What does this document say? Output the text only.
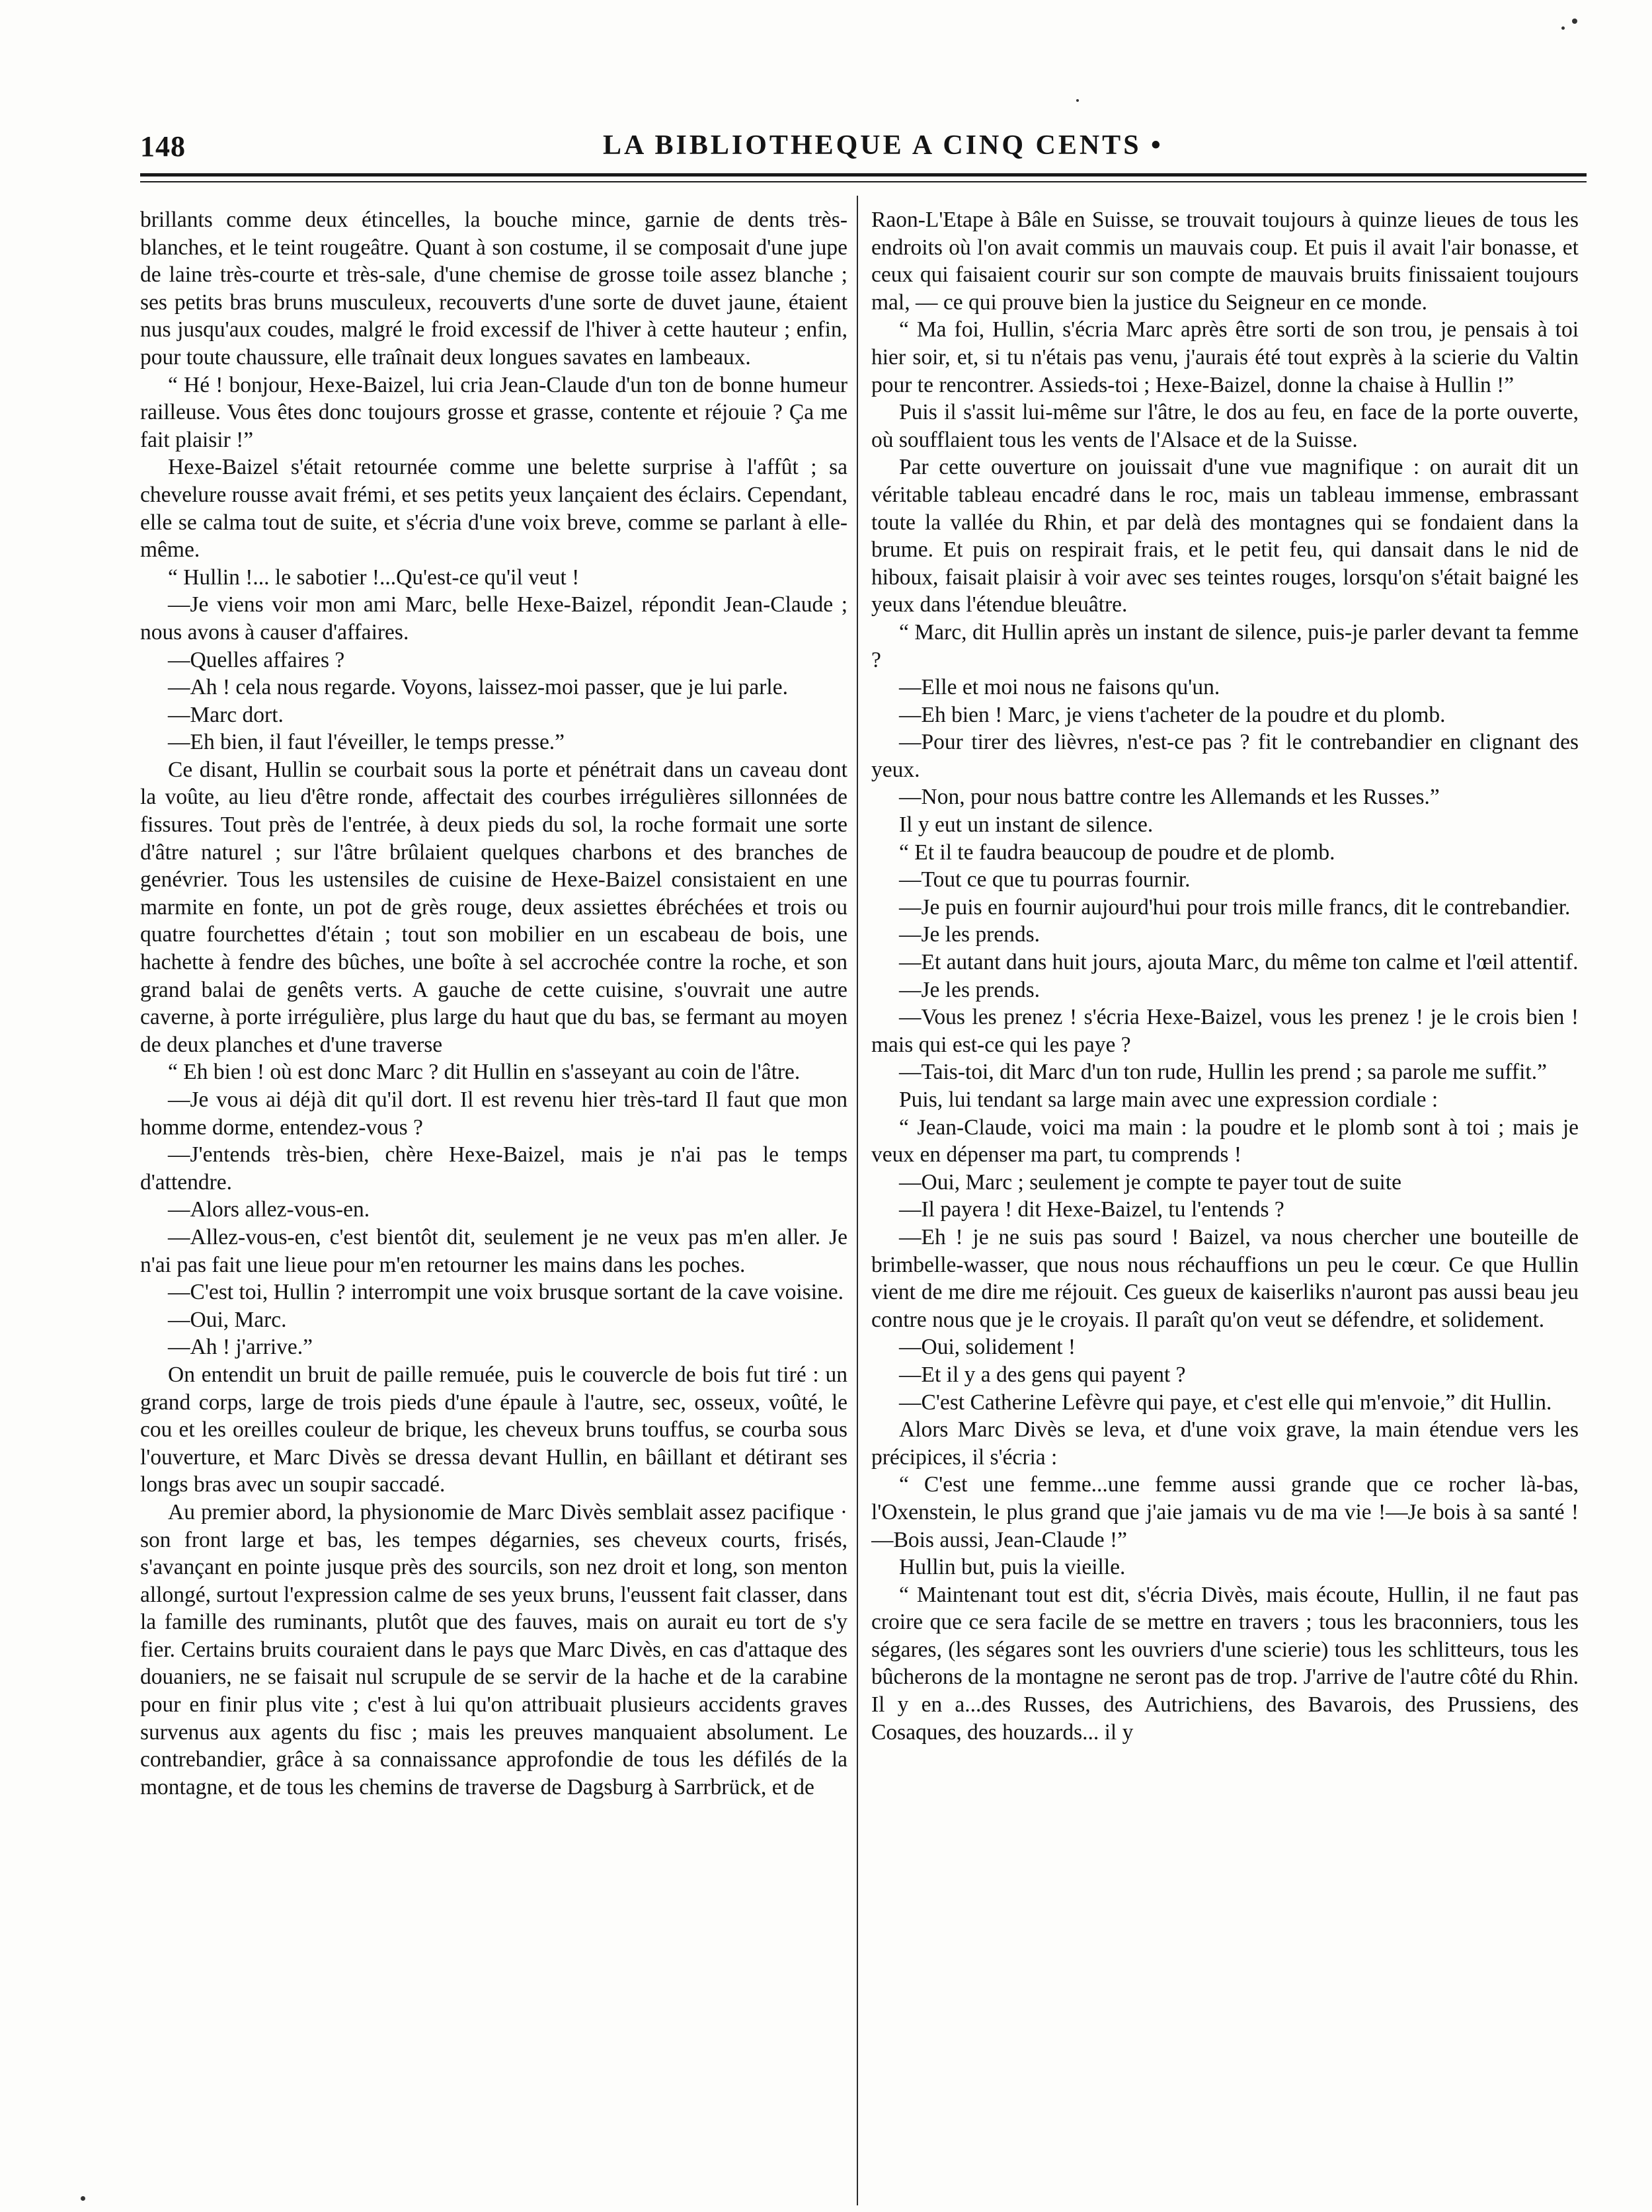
148	LA BIBLIOTHEQUE A CINQ CENTS •

brillants comme deux étincelles, la bouche mince, garnie de dents très-blanches, et le teint rougeâtre. Quant à son costume, il se composait d'une jupe de laine très-courte et très-sale, d'une chemise de grosse toile assez blanche ; ses petits bras bruns musculeux, recouverts d'une sorte de duvet jaune, étaient nus jusqu'aux coudes, malgré le froid excessif de l'hiver à cette hauteur ; enfin, pour toute chaussure, elle traînait deux longues savates en lambeaux.

“ Hé ! bonjour, Hexe-Baizel, lui cria Jean-Claude d'un ton de bonne humeur railleuse. Vous êtes donc toujours grosse et grasse, contente et réjouie ? Ça me fait plaisir !”

Hexe-Baizel s'était retournée comme une belette surprise à l'affût ; sa chevelure rousse avait frémi, et ses petits yeux lançaient des éclairs. Cependant, elle se calma tout de suite, et s'écria d'une voix breve, comme se parlant à elle-même.

“ Hullin !... le sabotier !...Qu'est-ce qu'il veut !

—Je viens voir mon ami Marc, belle Hexe-Baizel, répondit Jean-Claude ; nous avons à causer d'affaires.

—Quelles affaires ?

—Ah ! cela nous regarde. Voyons, laissez-moi passer, que je lui parle.

—Marc dort.

—Eh bien, il faut l'éveiller, le temps presse.”

Ce disant, Hullin se courbait sous la porte et pénétrait dans un caveau dont la voûte, au lieu d'être ronde, affectait des courbes irrégulières sillonnées de fissures. Tout près de l'entrée, à deux pieds du sol, la roche formait une sorte d'âtre naturel ; sur l'âtre brûlaient quelques charbons et des branches de genévrier. Tous les ustensiles de cuisine de Hexe-Baizel consistaient en une marmite en fonte, un pot de grès rouge, deux assiettes ébréchées et trois ou quatre fourchettes d'étain ; tout son mobilier en un escabeau de bois, une hachette à fendre des bûches, une boîte à sel accrochée contre la roche, et son grand balai de genêts verts. A gauche de cette cuisine, s'ouvrait une autre caverne, à porte irrégulière, plus large du haut que du bas, se fermant au moyen de deux planches et d'une traverse

“ Eh bien ! où est donc Marc ? dit Hullin en s'asseyant au coin de l'âtre.

—Je vous ai déjà dit qu'il dort. Il est revenu hier très-tard Il faut que mon homme dorme, entendez-vous ?

—J'entends très-bien, chère Hexe-Baizel, mais je n'ai pas le temps d'attendre.

—Alors allez-vous-en.

—Allez-vous-en, c'est bientôt dit, seulement je ne veux pas m'en aller. Je n'ai pas fait une lieue pour m'en retourner les mains dans les poches.

—C'est toi, Hullin ? interrompit une voix brusque sortant de la cave voisine.

—Oui, Marc.

—Ah ! j'arrive.”

On entendit un bruit de paille remuée, puis le couvercle de bois fut tiré : un grand corps, large de trois pieds d'une épaule à l'autre, sec, osseux, voûté, le cou et les oreilles couleur de brique, les cheveux bruns touffus, se courba sous l'ouverture, et Marc Divès se dressa devant Hullin, en bâillant et détirant ses longs bras avec un soupir saccadé.

Au premier abord, la physionomie de Marc Divès semblait assez pacifique · son front large et bas, les tempes dégarnies, ses cheveux courts, frisés, s'avançant en pointe jusque près des sourcils, son nez droit et long, son menton allongé, surtout l'expression calme de ses yeux bruns, l'eussent fait classer, dans la famille des ruminants, plutôt que des fauves, mais on aurait eu tort de s'y fier. Certains bruits couraient dans le pays que Marc Divès, en cas d'attaque des douaniers, ne se faisait nul scrupule de se servir de la hache et de la carabine pour en finir plus vite ; c'est à lui qu'on attribuait plusieurs accidents graves survenus aux agents du fisc ; mais les preuves manquaient absolument. Le contrebandier, grâce à sa connaissance approfondie de tous les défilés de la montagne, et de tous les chemins de traverse de Dagsburg à Sarrbrück, et de

Raon-L'Etape à Bâle en Suisse, se trouvait toujours à quinze lieues de tous les endroits où l'on avait commis un mauvais coup. Et puis il avait l'air bonasse, et ceux qui faisaient courir sur son compte de mauvais bruits finissaient toujours mal, — ce qui prouve bien la justice du Seigneur en ce monde.

“ Ma foi, Hullin, s'écria Marc après être sorti de son trou, je pensais à toi hier soir, et, si tu n'étais pas venu, j'aurais été tout exprès à la scierie du Valtin pour te rencontrer. Assieds-toi ; Hexe-Baizel, donne la chaise à Hullin !”

Puis il s'assit lui-même sur l'âtre, le dos au feu, en face de la porte ouverte, où soufflaient tous les vents de l'Alsace et de la Suisse.

Par cette ouverture on jouissait d'une vue magnifique : on aurait dit un véritable tableau encadré dans le roc, mais un tableau immense, embrassant toute la vallée du Rhin, et par delà des montagnes qui se fondaient dans la brume. Et puis on respirait frais, et le petit feu, qui dansait dans le nid de hiboux, faisait plaisir à voir avec ses teintes rouges, lorsqu'on s'était baigné les yeux dans l'étendue bleuâtre.

“ Marc, dit Hullin après un instant de silence, puis-je parler devant ta femme ?

—Elle et moi nous ne faisons qu'un.

—Eh bien ! Marc, je viens t'acheter de la poudre et du plomb.

—Pour tirer des lièvres, n'est-ce pas ? fit le contrebandier en clignant des yeux.

—Non, pour nous battre contre les Allemands et les Russes.”

Il y eut un instant de silence.

“ Et il te faudra beaucoup de poudre et de plomb.

—Tout ce que tu pourras fournir.

—Je puis en fournir aujourd'hui pour trois mille francs, dit le contrebandier.

—Je les prends.

—Et autant dans huit jours, ajouta Marc, du même ton calme et l'œil attentif.

—Je les prends.

—Vous les prenez ! s'écria Hexe-Baizel, vous les prenez ! je le crois bien ! mais qui est-ce qui les paye ?

—Tais-toi, dit Marc d'un ton rude, Hullin les prend ; sa parole me suffit.”

Puis, lui tendant sa large main avec une expression cordiale :

“ Jean-Claude, voici ma main : la poudre et le plomb sont à toi ; mais je veux en dépenser ma part, tu comprends !

—Oui, Marc ; seulement je compte te payer tout de suite

—Il payera ! dit Hexe-Baizel, tu l'entends ?

—Eh ! je ne suis pas sourd ! Baizel, va nous chercher une bouteille de brimbelle-wasser, que nous nous réchauffions un peu le cœur. Ce que Hullin vient de me dire me réjouit. Ces gueux de kaiserliks n'auront pas aussi beau jeu contre nous que je le croyais. Il paraît qu'on veut se défendre, et solidement.

—Oui, solidement !

—Et il y a des gens qui payent ?

—C'est Catherine Lefèvre qui paye, et c'est elle qui m'envoie,” dit Hullin.

Alors Marc Divès se leva, et d'une voix grave, la main étendue vers les précipices, il s'écria :

“ C'est une femme...une femme aussi grande que ce rocher là-bas, l'Oxenstein, le plus grand que j'aie jamais vu de ma vie !—Je bois à sa santé !—Bois aussi, Jean-Claude !”

Hullin but, puis la vieille.

“ Maintenant tout est dit, s'écria Divès, mais écoute, Hullin, il ne faut pas croire que ce sera facile de se mettre en travers ; tous les braconniers, tous les ségares, (les ségares sont les ouvriers d'une scierie) tous les schlitteurs, tous les bûcherons de la montagne ne seront pas de trop. J'arrive de l'autre côté du Rhin. Il y en a...des Russes, des Autrichiens, des Bavarois, des Prussiens, des Cosaques, des houzards... il y
